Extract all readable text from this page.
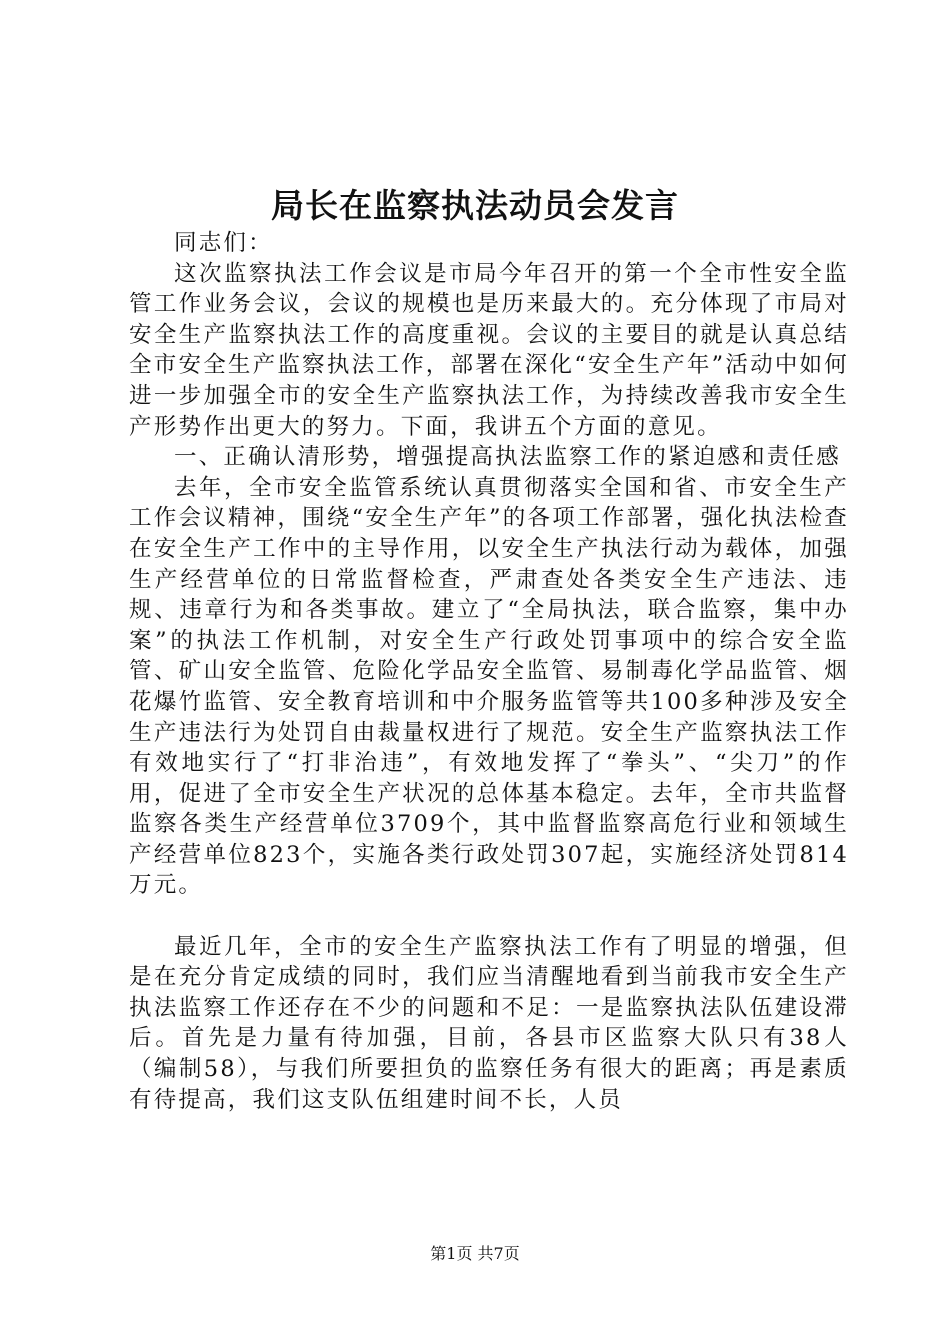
局长在监察执法动员会发言

同志们：

这次监察执法工作会议是市局今年召开的第一个全市性安全监管工作业务会议，会议的规模也是历来最大的。充分体现了市局对安全生产监察执法工作的高度重视。会议的主要目的就是认真总结全市安全生产监察执法工作，部署在深化“安全生产年”活动中如何进一步加强全市的安全生产监察执法工作，为持续改善我市安全生产形势作出更大的努力。下面，我讲五个方面的意见。

一、正确认清形势，增强提高执法监察工作的紧迫感和责任感

去年，全市安全监管系统认真贯彻落实全国和省、市安全生产工作会议精神，围绕“安全生产年”的各项工作部署，强化执法检查在安全生产工作中的主导作用，以安全生产执法行动为载体，加强生产经营单位的日常监督检查，严肃查处各类安全生产违法、违规、违章行为和各类事故。建立了“全局执法，联合监察，集中办案”的执法工作机制，对安全生产行政处罚事项中的综合安全监管、矿山安全监管、危险化学品安全监管、易制毒化学品监管、烟花爆竹监管、安全教育培训和中介服务监管等共100多种涉及安全生产违法行为处罚自由裁量权进行了规范。安全生产监察执法工作有效地实行了“打非治违”，有效地发挥了“拳头”、“尖刀”的作用，促进了全市安全生产状况的总体基本稳定。去年，全市共监督监察各类生产经营单位3709个，其中监督监察高危行业和领域生产经营单位823个，实施各类行政处罚307起，实施经济处罚814万元。

最近几年，全市的安全生产监察执法工作有了明显的增强，但是在充分肯定成绩的同时，我们应当清醒地看到当前我市安全生产执法监察工作还存在不少的问题和不足：一是监察执法队伍建设滞后。首先是力量有待加强，目前，各县市区监察大队只有38人（编制58），与我们所要担负的监察任务有很大的距离；再是素质有待提高，我们这支队伍组建时间不长，人员

第1页 共7页
